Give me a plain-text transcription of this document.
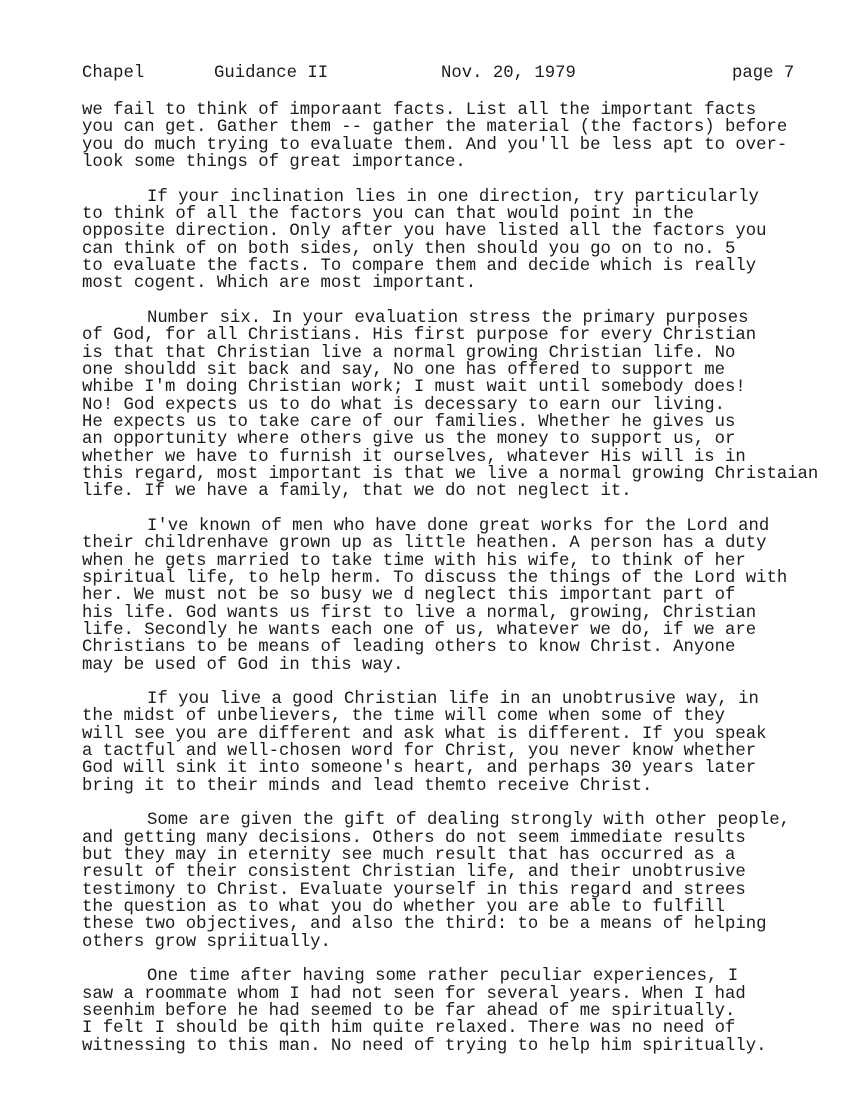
Chapel	Guidance II	Nov. 20, 1979	page 7
we fail to think of imporaant facts. List all the important facts
you can get. Gather them -- gather the material (the factors) before
you do much trying to evaluate them. And you'll be less apt to over-
look some things of great importance.
If your inclination lies in one direction, try particularly
to think of all the factors you can that would point in the
opposite direction. Only after you have listed all the factors you
can think of on both sides, only then should you go on to no. 5
to evaluate the facts. To compare them and decide which is really
most cogent. Which are most important.
Number six. In your evaluation stress the primary purposes
of God, for all Christians. His first purpose for every Christian
is that that Christian live a normal growing Christian life. No
one shouldd sit back and say, No one has offered to support me
whibe I'm doing Christian work; I must wait until somebody does!
No! God expects us to do what is decessary to earn our living.
He expects us to take care of our families. Whether he gives us
an opportunity where others give us the money to support us, or
whether we have to furnish it ourselves, whatever His will is in
this regard, most important is that we live a normal growing Christaian
life. If we have a family, that we do not neglect it.
I've known of men who have done great works for the Lord and
their childrenhave grown up as little heathen. A person has a duty
when he gets married to take time with his wife, to think of her
spiritual life, to help herm. To discuss the things of the Lord with
her. We must not be so busy we d neglect this important part of
his life. God wants us first to live a normal, growing, Christian
life. Secondly he wants each one of us, whatever we do, if we are
Christians to be means of leading others to know Christ. Anyone
may be used of God in this way.
If you live a good Christian life in an unobtrusive way, in
the midst of unbelievers, the time will come when some of they
will see you are different and ask what is different. If you speak
a tactful and well-chosen word for Christ, you never know whether
God will sink it into someone's heart, and perhaps 30 years later
bring it to their minds and lead themto receive Christ.
Some are given the gift of dealing strongly with other people,
and getting many decisions. Others do not seem immediate results
but they may in eternity see much result that has occurred as a
result of their consistent Christian life, and their unobtrusive
testimony to Christ. Evaluate yourself in this regard and strees
the question as to what you do whether you are able to fulfill
these two objectives, and also the third: to be a means of helping
others grow spriitually.
One time after having some rather peculiar experiences, I
saw a roommate whom I had not seen for several years. When I had
seenhim before he had seemed to be far ahead of me spiritually.
I felt I should be qith him quite relaxed. There was no need of
witnessing to this man. No need of trying to help him spiritually.
